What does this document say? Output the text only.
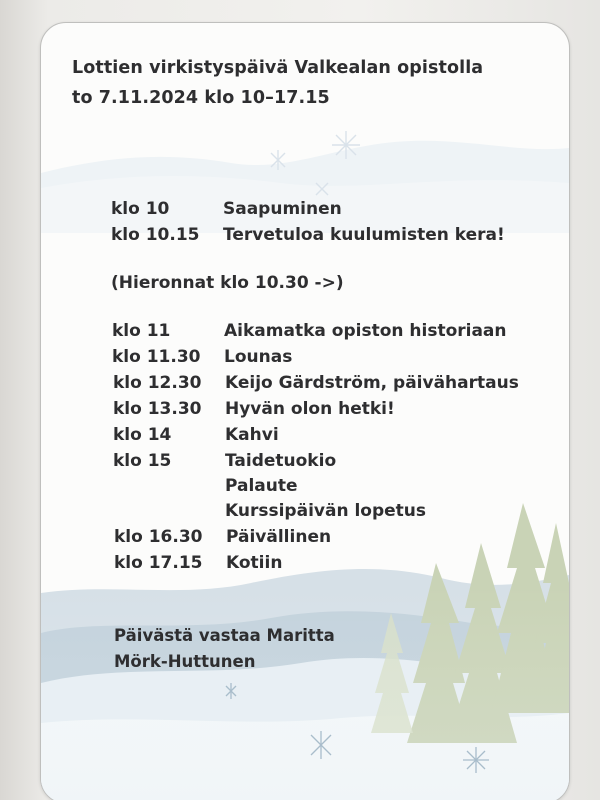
Lottien virkistyspäivä Valkealan opistolla
to 7.11.2024 klo 10–17.15
klo 10	Saapuminen
klo 10.15 Tervetuloa kuulumisten kera!
klo 11	Aikamatka opiston historiaan
klo 11.30 Lounas
klo 12.30 Keijo Gärdström, päivähartaus
klo 13.30 Hyvän olon hetki!
klo 14	Kahvi
klo 15	Taidetuokio
Palaute
Kurssipäivän lopetus
klo 16.30 Päivällinen
klo 17.15 Kotiin
(Hieronnat klo 10.30 ->)
Päivästä vastaa Maritta
Mörk-Huttunen
